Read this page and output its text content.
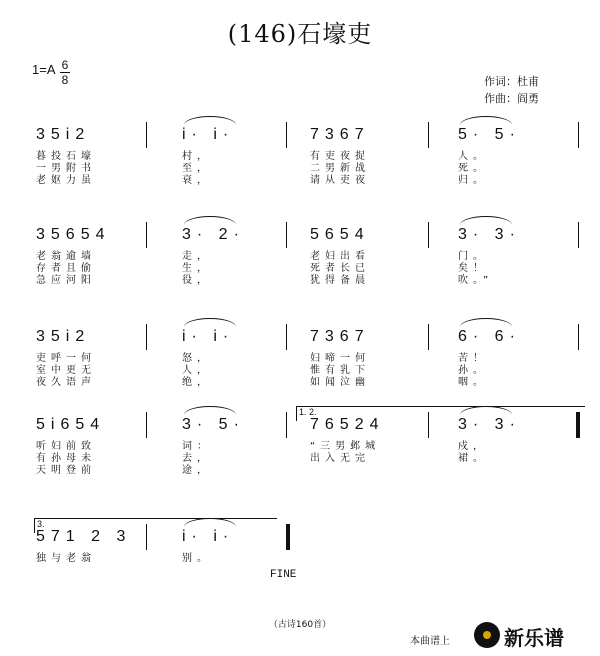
(146)石壕吏
1=A 6
8	作词：杜甫
作曲：阎勇
35i2
暮投石壕
一男附书
老妪力虽
i· i·
村，
至，
衰，
7367
有吏夜捉
二男新战
请从吏夜
5· 5·
人。
死。
归。
35654
老翁逾墙
存者且偷
急应河阳
3· 2·
走，
生，
役，
5654
老妇出看
死者长已
犹得备晨
3· 3·
门。
矣！
吹。”
35i2
吏呼一何
室中更无
夜久语声
i· i·
怒，
人，
绝，
7367
妇啼一何
惟有乳下
如闻泣幽
6· 6·
苦！
孙。
咽。
5i654
听妇前致
有孙母未
天明登前
3· 5·
词：
去，
途，
76524
“三男邺城
出入无完
3· 3·
戍，
裙。
1. 2.
571 2 3
独与老翁
i· i·
别。
3.
FINE
（古诗160首）
本曲谱上	新乐谱
